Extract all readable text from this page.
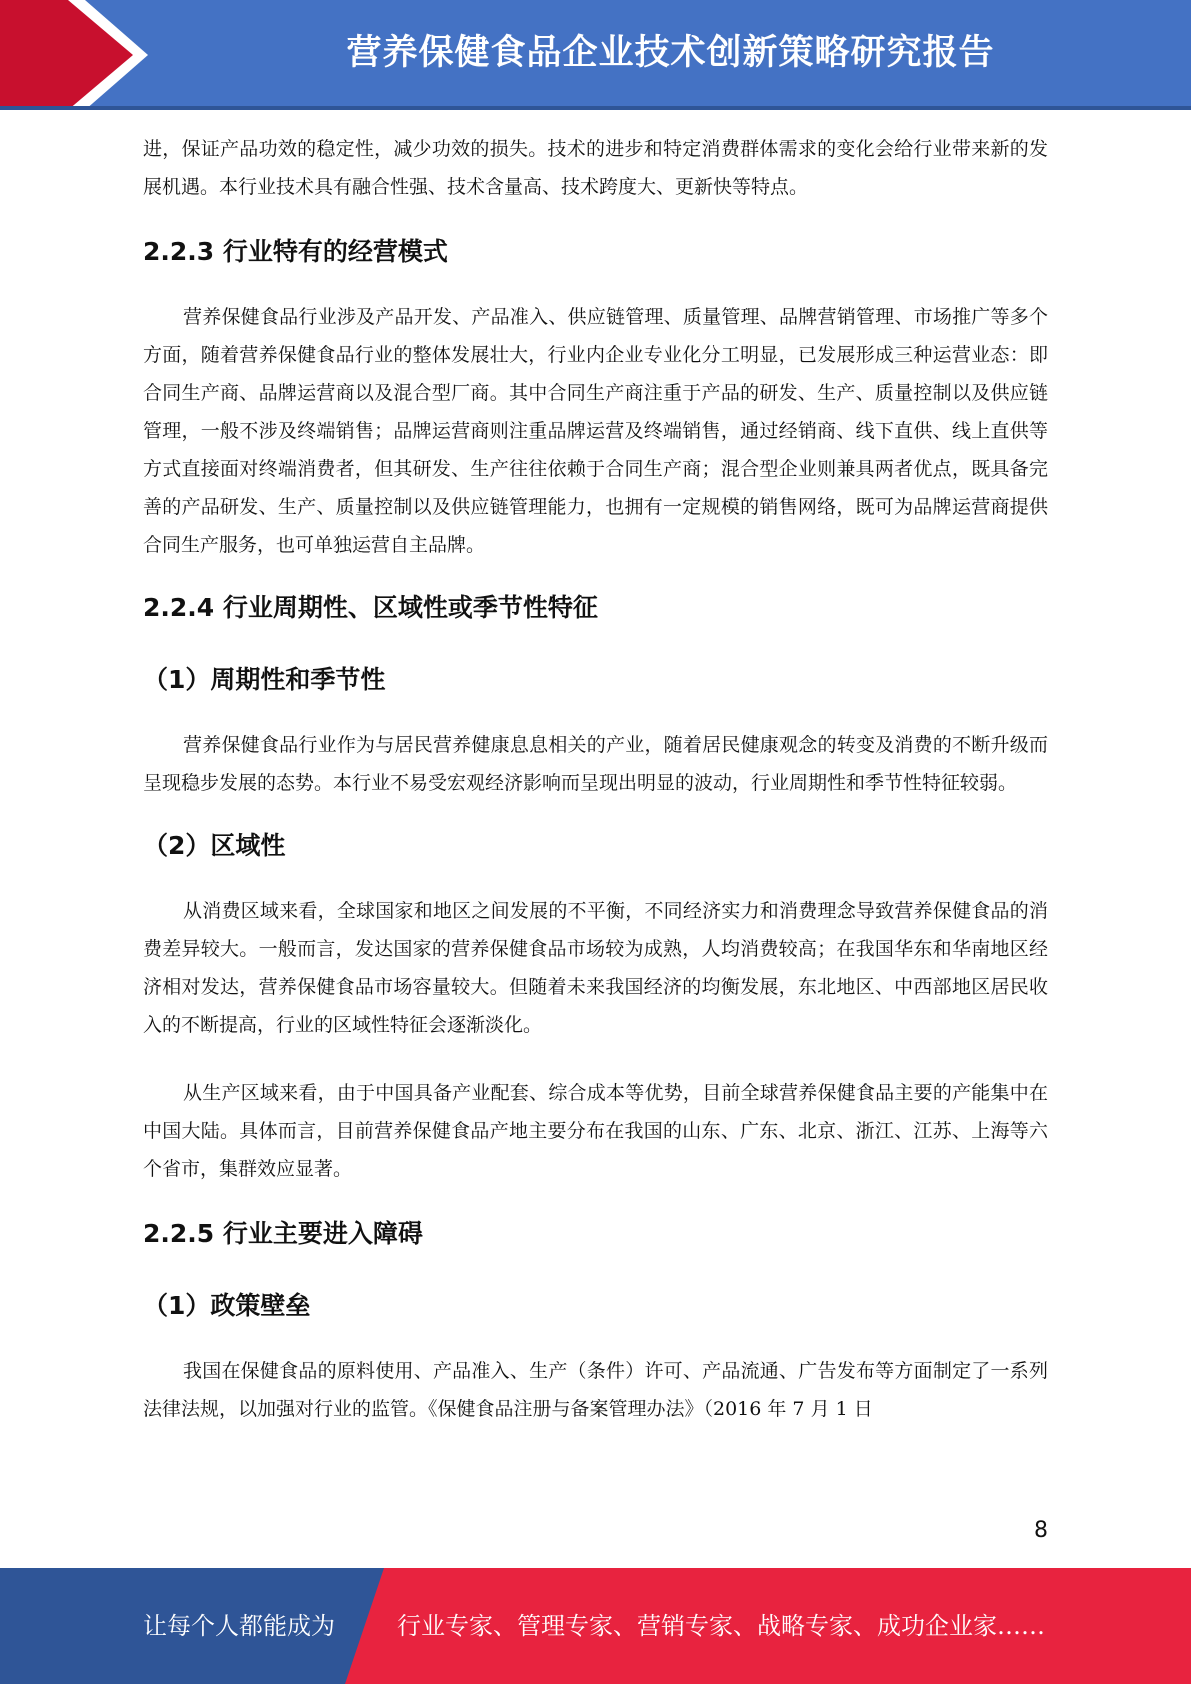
营养保健食品企业技术创新策略研究报告

进，保证产品功效的稳定性，减少功效的损失。技术的进步和特定消费群体需求的变化会给行业带来新的发展机遇。本行业技术具有融合性强、技术含量高、技术跨度大、更新快等特点。

2.2.3 行业特有的经营模式

营养保健食品行业涉及产品开发、产品准入、供应链管理、质量管理、品牌营销管理、市场推广等多个方面，随着营养保健食品行业的整体发展壮大，行业内企业专业化分工明显，已发展形成三种运营业态：即合同生产商、品牌运营商以及混合型厂商。其中合同生产商注重于产品的研发、生产、质量控制以及供应链管理，一般不涉及终端销售；品牌运营商则注重品牌运营及终端销售，通过经销商、线下直供、线上直供等方式直接面对终端消费者，但其研发、生产往往依赖于合同生产商；混合型企业则兼具两者优点，既具备完善的产品研发、生产、质量控制以及供应链管理能力，也拥有一定规模的销售网络，既可为品牌运营商提供合同生产服务，也可单独运营自主品牌。

2.2.4 行业周期性、区域性或季节性特征
（1）周期性和季节性

营养保健食品行业作为与居民营养健康息息相关的产业，随着居民健康观念的转变及消费的不断升级而呈现稳步发展的态势。本行业不易受宏观经济影响而呈现出明显的波动，行业周期性和季节性特征较弱。

（2）区域性

从消费区域来看，全球国家和地区之间发展的不平衡，不同经济实力和消费理念导致营养保健食品的消费差异较大。一般而言，发达国家的营养保健食品市场较为成熟，人均消费较高；在我国华东和华南地区经济相对发达，营养保健食品市场容量较大。但随着未来我国经济的均衡发展，东北地区、中西部地区居民收入的不断提高，行业的区域性特征会逐渐淡化。

从生产区域来看，由于中国具备产业配套、综合成本等优势，目前全球营养保健食品主要的产能集中在中国大陆。具体而言，目前营养保健食品产地主要分布在我国的山东、广东、北京、浙江、江苏、上海等六个省市，集群效应显著。

2.2.5 行业主要进入障碍
（1）政策壁垒

我国在保健食品的原料使用、产品准入、生产（条件）许可、产品流通、广告发布等方面制定了一系列法律法规，以加强对行业的监管。《保健食品注册与备案管理办法》（2016 年 7 月 1 日

8
让每个人都能成为	行业专家、管理专家、营销专家、战略专家、成功企业家……
